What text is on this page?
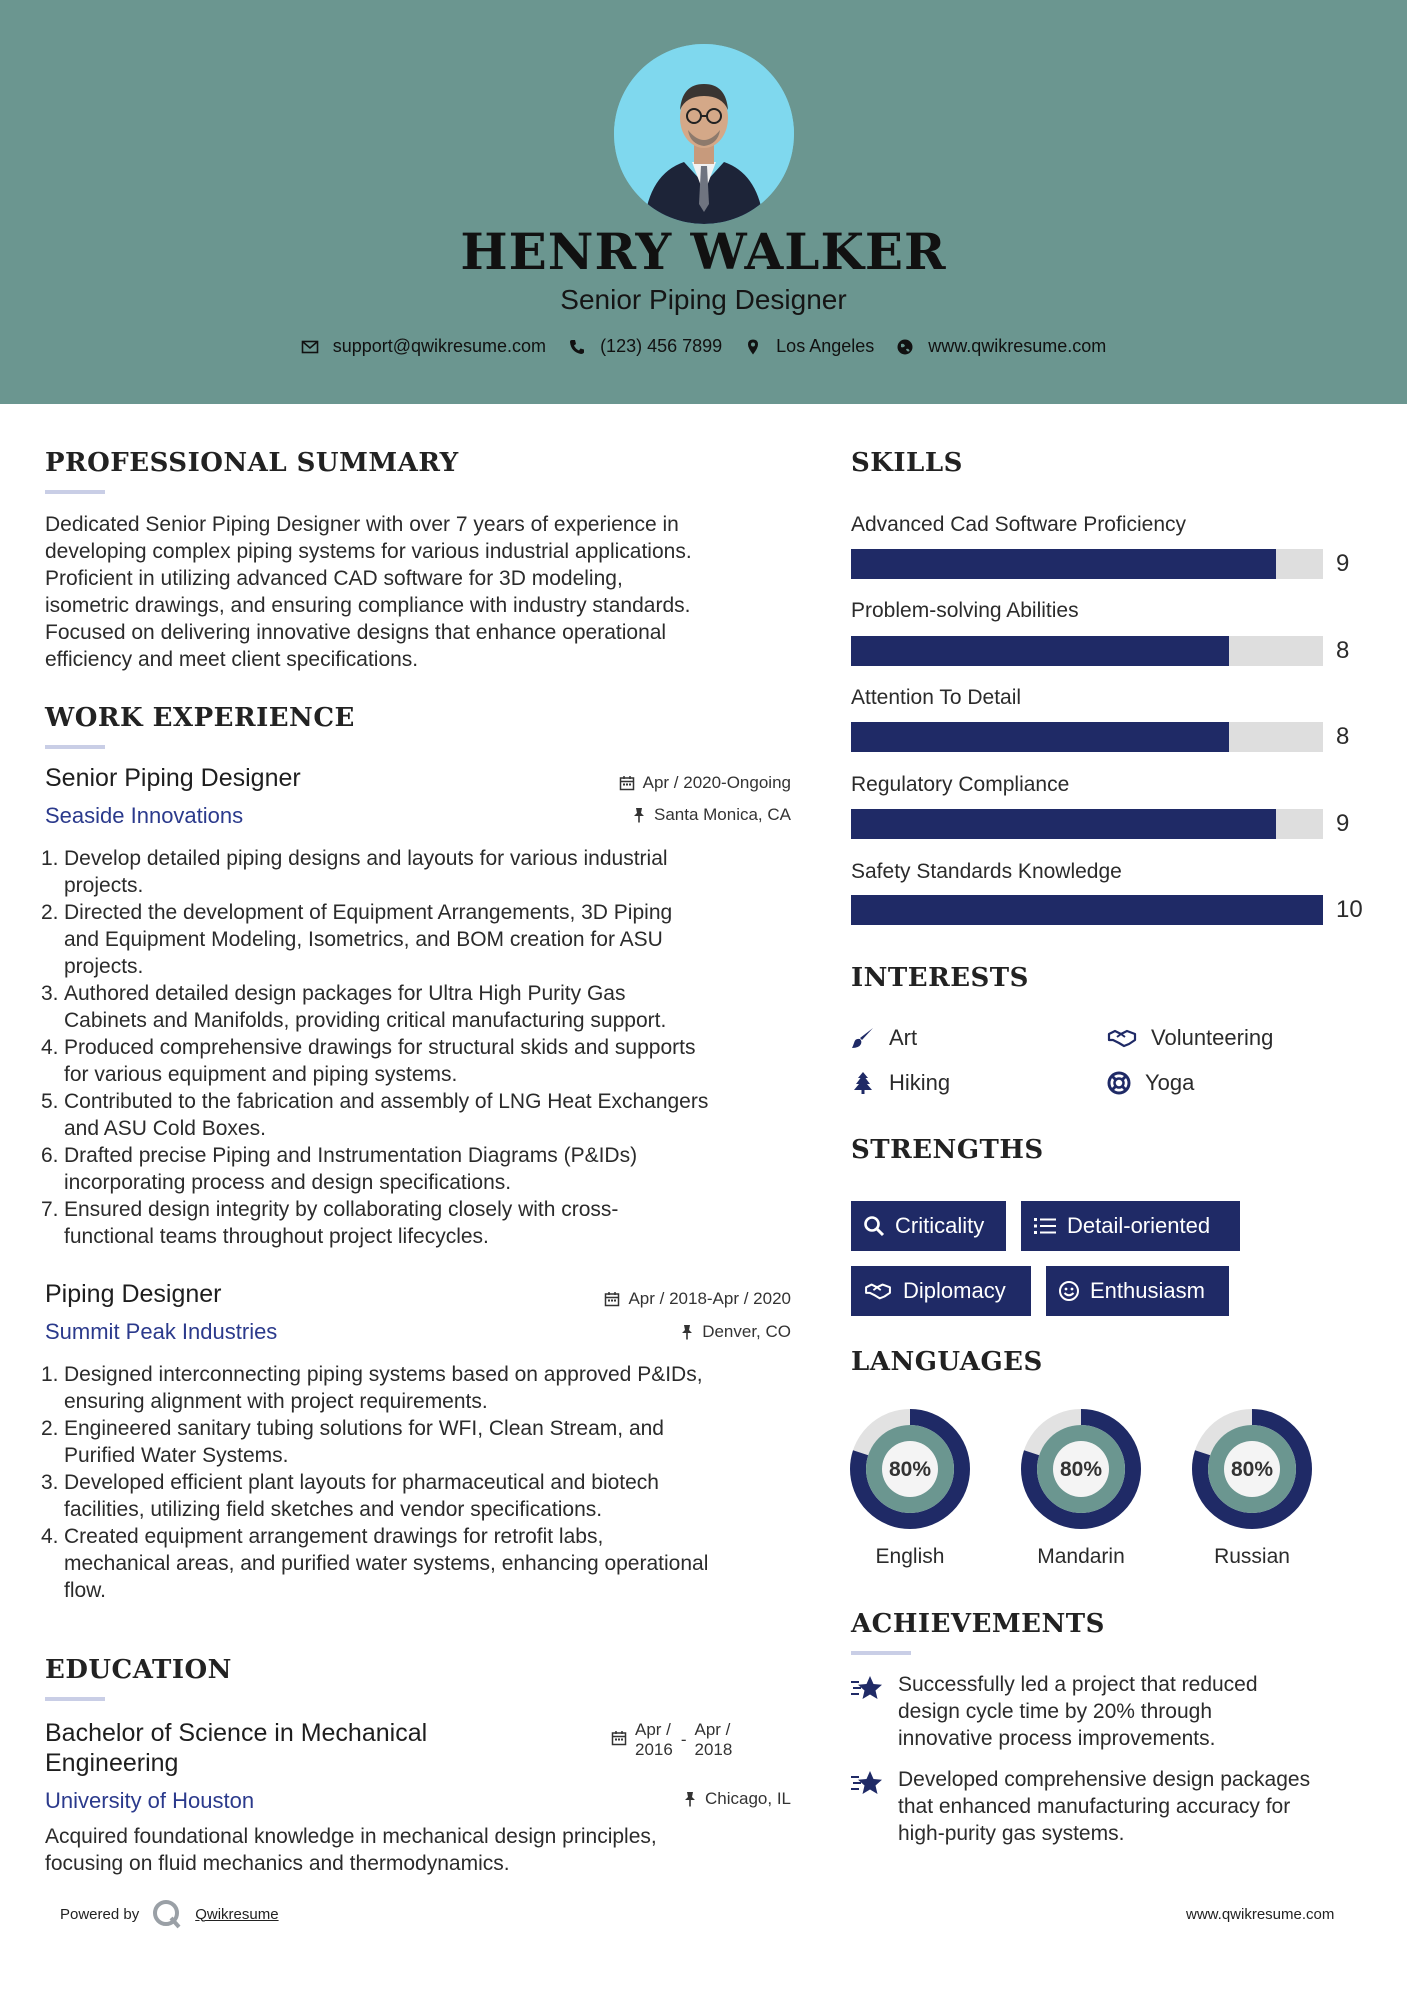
HENRY WALKER
Senior Piping Designer
support@qwikresume.com	(123) 456 7899	Los Angeles	www.qwikresume.com
PROFESSIONAL SUMMARY
Dedicated Senior Piping Designer with over 7 years of experience in
developing complex piping systems for various industrial applications.
Proficient in utilizing advanced CAD software for 3D modeling,
isometric drawings, and ensuring compliance with industry standards.
Focused on delivering innovative designs that enhance operational
efficiency and meet client specifications.
WORK EXPERIENCE
Senior Piping Designer
Seaside Innovations
Apr / 2020-Ongoing
Santa Monica, CA
1. Develop detailed piping designs and layouts for various industrial
projects.
2. Directed the development of Equipment Arrangements, 3D Piping
and Equipment Modeling, Isometrics, and BOM creation for ASU
projects.
3. Authored detailed design packages for Ultra High Purity Gas
Cabinets and Manifolds, providing critical manufacturing support.
4. Produced comprehensive drawings for structural skids and supports
for various equipment and piping systems.
5. Contributed to the fabrication and assembly of LNG Heat Exchangers
and ASU Cold Boxes.
6. Drafted precise Piping and Instrumentation Diagrams (P&IDs)
incorporating process and design specifications.
7. Ensured design integrity by collaborating closely with cross-
functional teams throughout project lifecycles.
Piping Designer
Summit Peak Industries
Apr / 2018-Apr / 2020
Denver, CO
1. Designed interconnecting piping systems based on approved P&IDs,
ensuring alignment with project requirements.
2. Engineered sanitary tubing solutions for WFI, Clean Stream, and
Purified Water Systems.
3. Developed efficient plant layouts for pharmaceutical and biotech
facilities, utilizing field sketches and vendor specifications.
4. Created equipment arrangement drawings for retrofit labs,
mechanical areas, and purified water systems, enhancing operational
flow.
EDUCATION
Bachelor of Science in Mechanical
Engineering
University of Houston
Apr /
2016
-
Apr /
2018
Chicago, IL
Acquired foundational knowledge in mechanical design principles,
focusing on fluid mechanics and thermodynamics.
SKILLS
Advanced Cad Software Proficiency
9
Problem-solving Abilities
8
Attention To Detail
8
Regulatory Compliance
9
Safety Standards Knowledge
10
INTERESTS
Art	Volunteering
Hiking	Yoga
STRENGTHS
Criticality	Detail-oriented
Diplomacy	Enthusiasm
LANGUAGES
80%
English
80%
Mandarin
80%
Russian
ACHIEVEMENTS
Successfully led a project that reduced
design cycle time by 20% through
innovative process improvements.
Developed comprehensive design packages
that enhanced manufacturing accuracy for
high-purity gas systems.
Powered by	Qwikresume	www.qwikresume.com
